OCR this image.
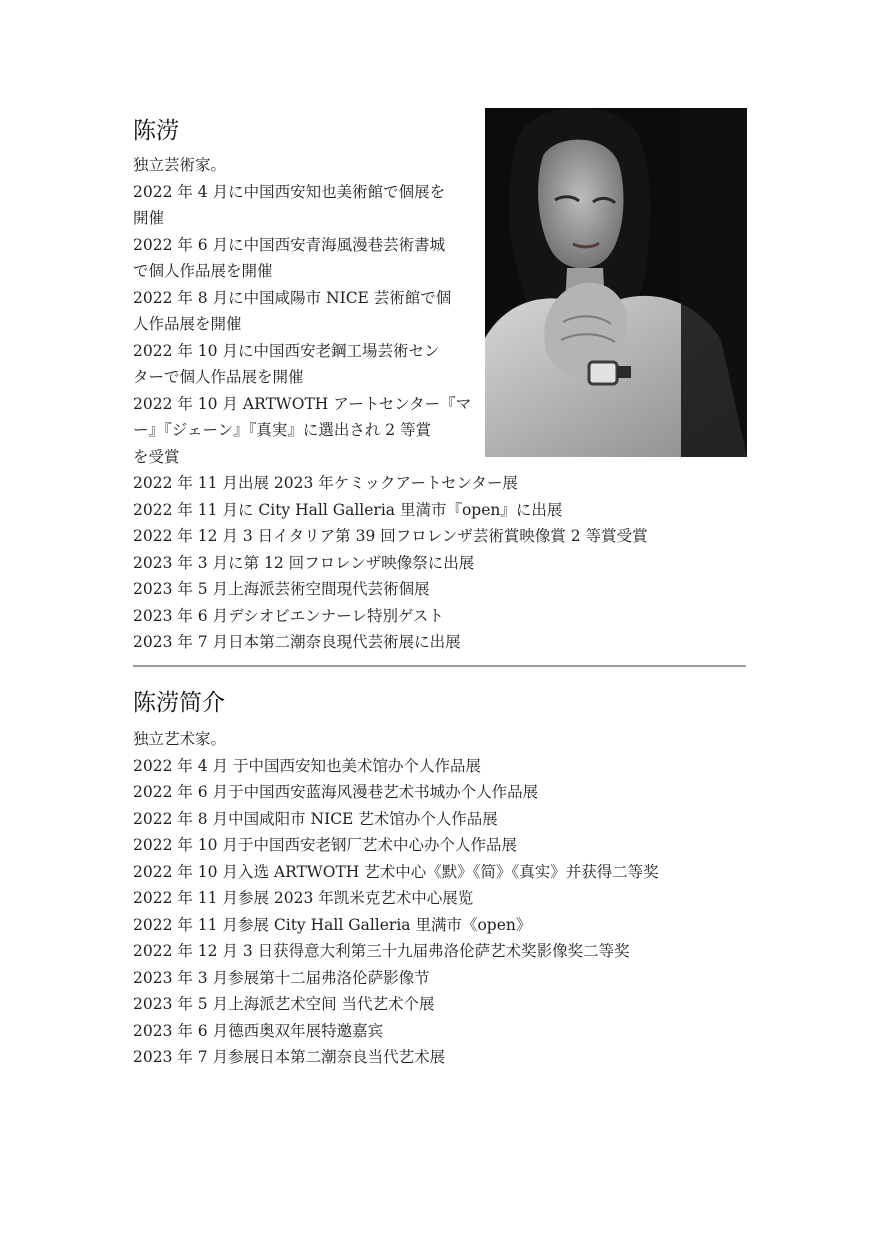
陈涝
独立芸術家。
2022 年 4 月に中国西安知也美術館で個展を
開催
2022 年 6 月に中国西安青海風漫巷芸術書城
で個人作品展を開催
2022 年 8 月に中国咸陽市 NICE 芸術館で個
人作品展を開催
2022 年 10 月に中国西安老鋼工場芸術セン
ターで個人作品展を開催
2022 年 10 月 ARTWOTH アートセンター『マ
ー』『ジェーン』『真実』に選出され 2 等賞
を受賞
2022 年 11 月出展 2023 年ケミックアートセンター展
2022 年 11 月に City Hall Galleria 里満市『open』に出展
2022 年 12 月 3 日イタリア第 39 回フロレンザ芸術賞映像賞 2 等賞受賞
2023 年 3 月に第 12 回フロレンザ映像祭に出展
2023 年 5 月上海派芸術空間現代芸術個展
2023 年 6 月デシオビエンナーレ特別ゲスト
2023 年 7 月日本第二潮奈良現代芸術展に出展
陈涝简介
独立艺术家。
2022 年 4 月 于中国西安知也美术馆办个人作品展
2022 年 6 月于中国西安蓝海风漫巷艺术书城办个人作品展
2022 年 8 月中国咸阳市 NICE 艺术馆办个人作品展
2022 年 10 月于中国西安老钢厂艺术中心办个人作品展
2022 年 10 月入选 ARTWOTH 艺术中心《默》《简》《真实》并获得二等奖
2022 年 11 月参展 2023 年凯米克艺术中心展览
2022 年 11 月参展 City Hall Galleria 里满市《open》
2022 年 12 月 3 日获得意大利第三十九届弗洛伦萨艺术奖影像奖二等奖
2023 年 3 月参展第十二届弗洛伦萨影像节
2023 年 5 月上海派艺术空间 当代艺术个展
2023 年 6 月德西奥双年展特邀嘉宾
2023 年 7 月参展日本第二潮奈良当代艺术展
